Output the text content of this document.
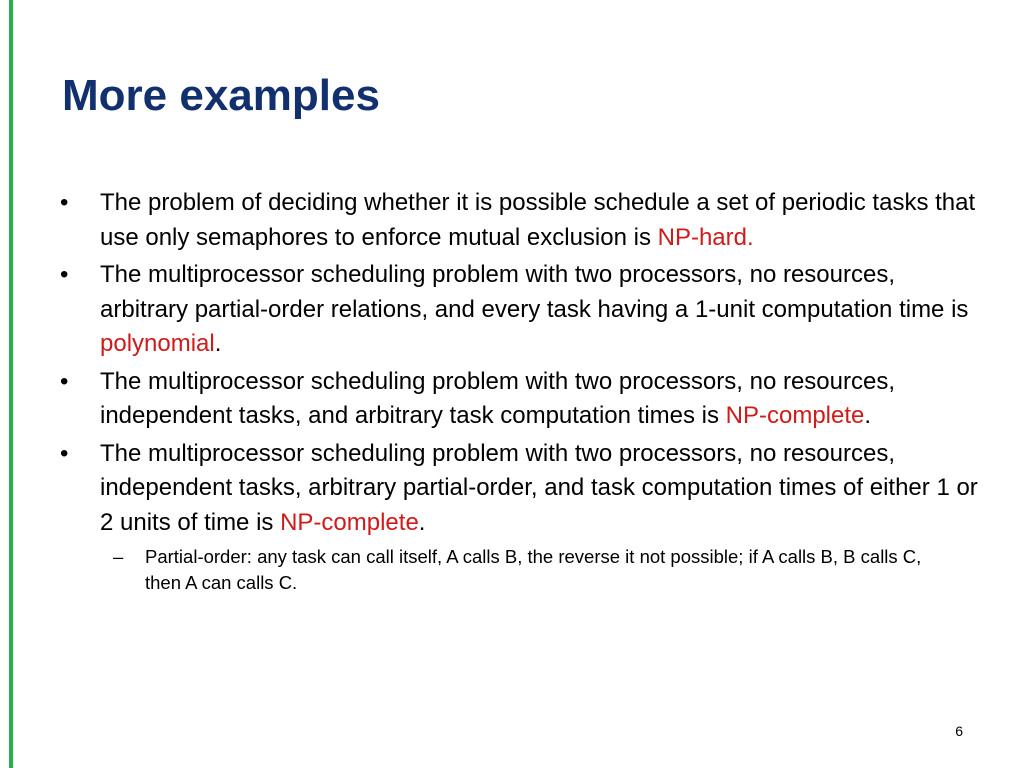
More examples
•	The problem of deciding whether it is possible schedule a set of periodic tasks that use only semaphores to enforce mutual exclusion is NP-hard.
•	The multiprocessor scheduling problem with two processors, no resources, arbitrary partial-order relations, and every task having a 1-unit computation time is polynomial.
•	The multiprocessor scheduling problem with two processors, no resources, independent tasks, and arbitrary task computation times is NP-complete.
•	The multiprocessor scheduling problem with two processors, no resources, independent tasks, arbitrary partial-order, and task computation times of either 1 or 2 units of time is NP-complete.
– Partial-order: any task can call itself, A calls B, the reverse it not possible; if A calls B, B calls C, then A can calls C.
6
